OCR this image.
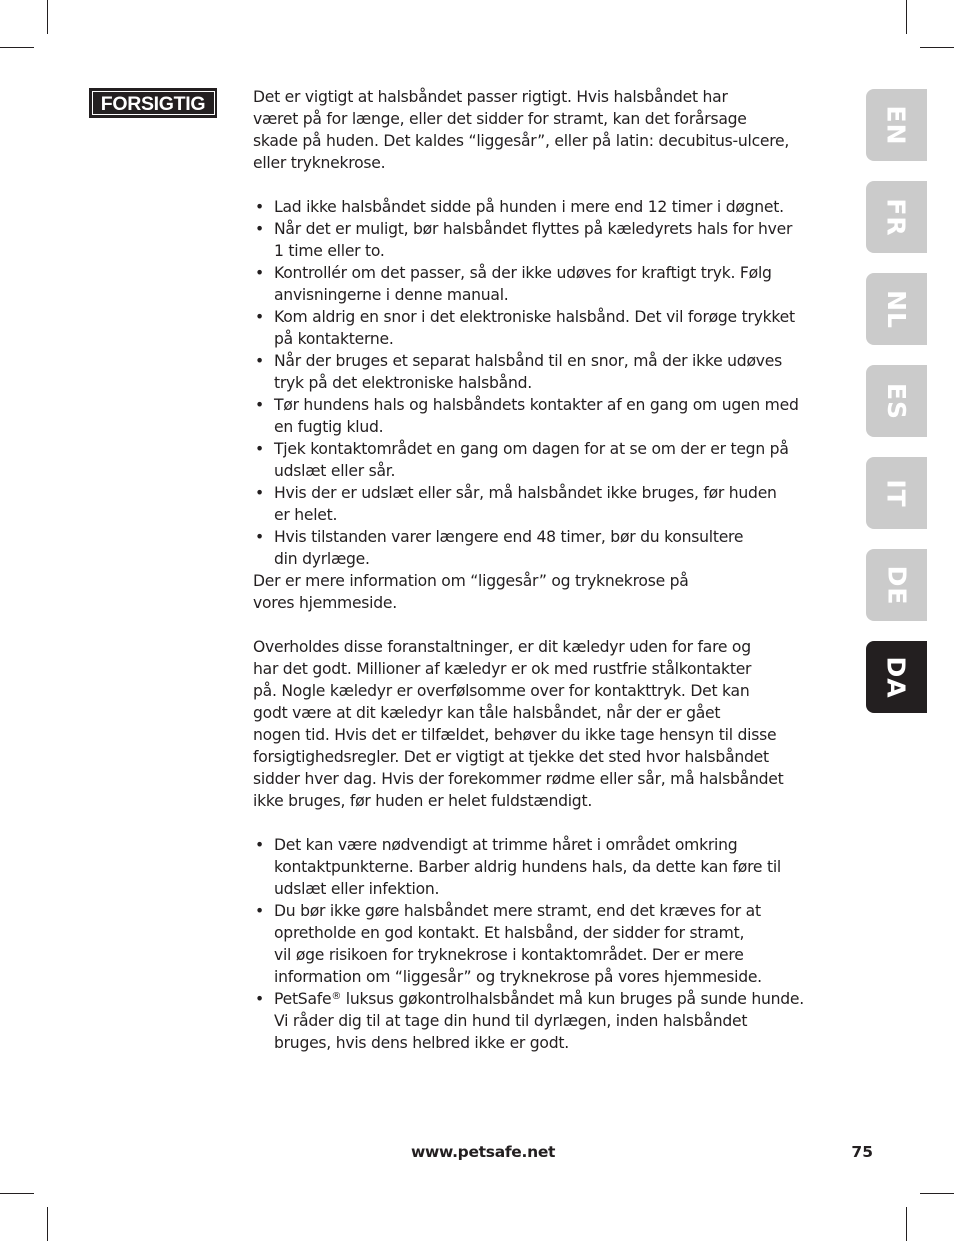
FORSIGTIG	Det er vigtigt at halsbåndet passer rigtigt. Hvis halsbåndet har
været på for længe, eller det sidder for stramt, kan det forårsage
skade på huden. Det kaldes “liggesår”, eller på latin: decubitus-ulcere,
eller tryknekrose.

• Lad ikke halsbåndet sidde på hunden i mere end 12 timer i døgnet.
• Når det er muligt, bør halsbåndet flyttes på kæledyrets hals for hver
1 time eller to.
• Kontrollér om det passer, så der ikke udøves for kraftigt tryk. Følg
anvisningerne i denne manual.
• Kom aldrig en snor i det elektroniske halsbånd. Det vil forøge trykket
på kontakterne.
• Når der bruges et separat halsbånd til en snor, må der ikke udøves
tryk på det elektroniske halsbånd.
• Tør hundens hals og halsbåndets kontakter af en gang om ugen med
en fugtig klud.
• Tjek kontaktområdet en gang om dagen for at se om der er tegn på
udslæt eller sår.
• Hvis der er udslæt eller sår, må halsbåndet ikke bruges, før huden
er helet.
• Hvis tilstanden varer længere end 48 timer, bør du konsultere
din dyrlæge.

Der er mere information om “liggesår” og tryknekrose på
vores hjemmeside.

Overholdes disse foranstaltninger, er dit kæledyr uden for fare og
har det godt. Millioner af kæledyr er ok med rustfrie stålkontakter
på. Nogle kæledyr er overfølsomme over for kontakttryk. Det kan
godt være at dit kæledyr kan tåle halsbåndet, når der er gået
nogen tid. Hvis det er tilfældet, behøver du ikke tage hensyn til disse
forsigtighedsregler. Det er vigtigt at tjekke det sted hvor halsbåndet
sidder hver dag. Hvis der forekommer rødme eller sår, må halsbåndet
ikke bruges, før huden er helet fuldstændigt.

• Det kan være nødvendigt at trimme håret i området omkring
kontaktpunkterne. Barber aldrig hundens hals, da dette kan føre til
udslæt eller infektion.
• Du bør ikke gøre halsbåndet mere stramt, end det kræves for at
opretholde en god kontakt. Et halsbånd, der sidder for stramt,
vil øge risikoen for tryknekrose i kontaktområdet. Der er mere
information om “liggesår” og tryknekrose på vores hjemmeside.
• PetSafe® luksus gøkontrolhalsbåndet må kun bruges på sunde hunde.
Vi råder dig til at tage din hund til dyrlægen, inden halsbåndet
bruges, hvis dens helbred ikke er godt.
EN
FR
NL
ES
IT
DE
DA
www.petsafe.net	75
